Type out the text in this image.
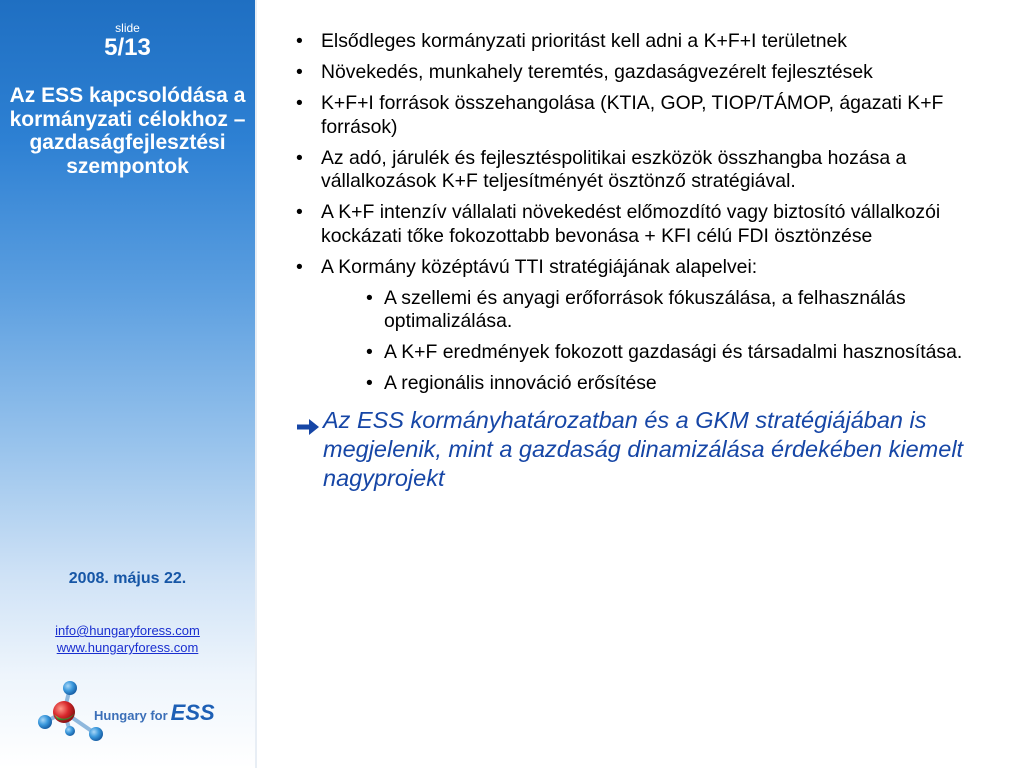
slide
5/13
Az ESS kapcsolódása a kormányzati célokhoz – gazdaságfejlesztési szempontok
2008. május 22.
info@hungaryforess.com
www.hungaryforess.com
Hungary for ESS
• Elsődleges kormányzati prioritást kell adni a K+F+I területnek
• Növekedés, munkahely teremtés, gazdaságvezérelt fejlesztések
• K+F+I források összehangolása (KTIA, GOP, TIOP/TÁMOP, ágazati K+F források)
• Az adó, járulék és fejlesztéspolitikai eszközök összhangba hozása a vállalkozások K+F teljesítményét ösztönző stratégiával.
• A K+F intenzív vállalati növekedést előmozdító vagy biztosító vállalkozói kockázati tőke fokozottabb bevonása + KFI célú FDI ösztönzése
• A Kormány középtávú TTI stratégiájának alapelvei:
• A szellemi és anyagi erőforrások fókuszálása, a felhasználás optimalizálása.
• A K+F eredmények fokozott gazdasági és társadalmi hasznosítása.
• A regionális innováció erősítése
Az ESS kormányhatározatban és a GKM stratégiájában is megjelenik, mint a gazdaság dinamizálása érdekében kiemelt nagyprojekt
